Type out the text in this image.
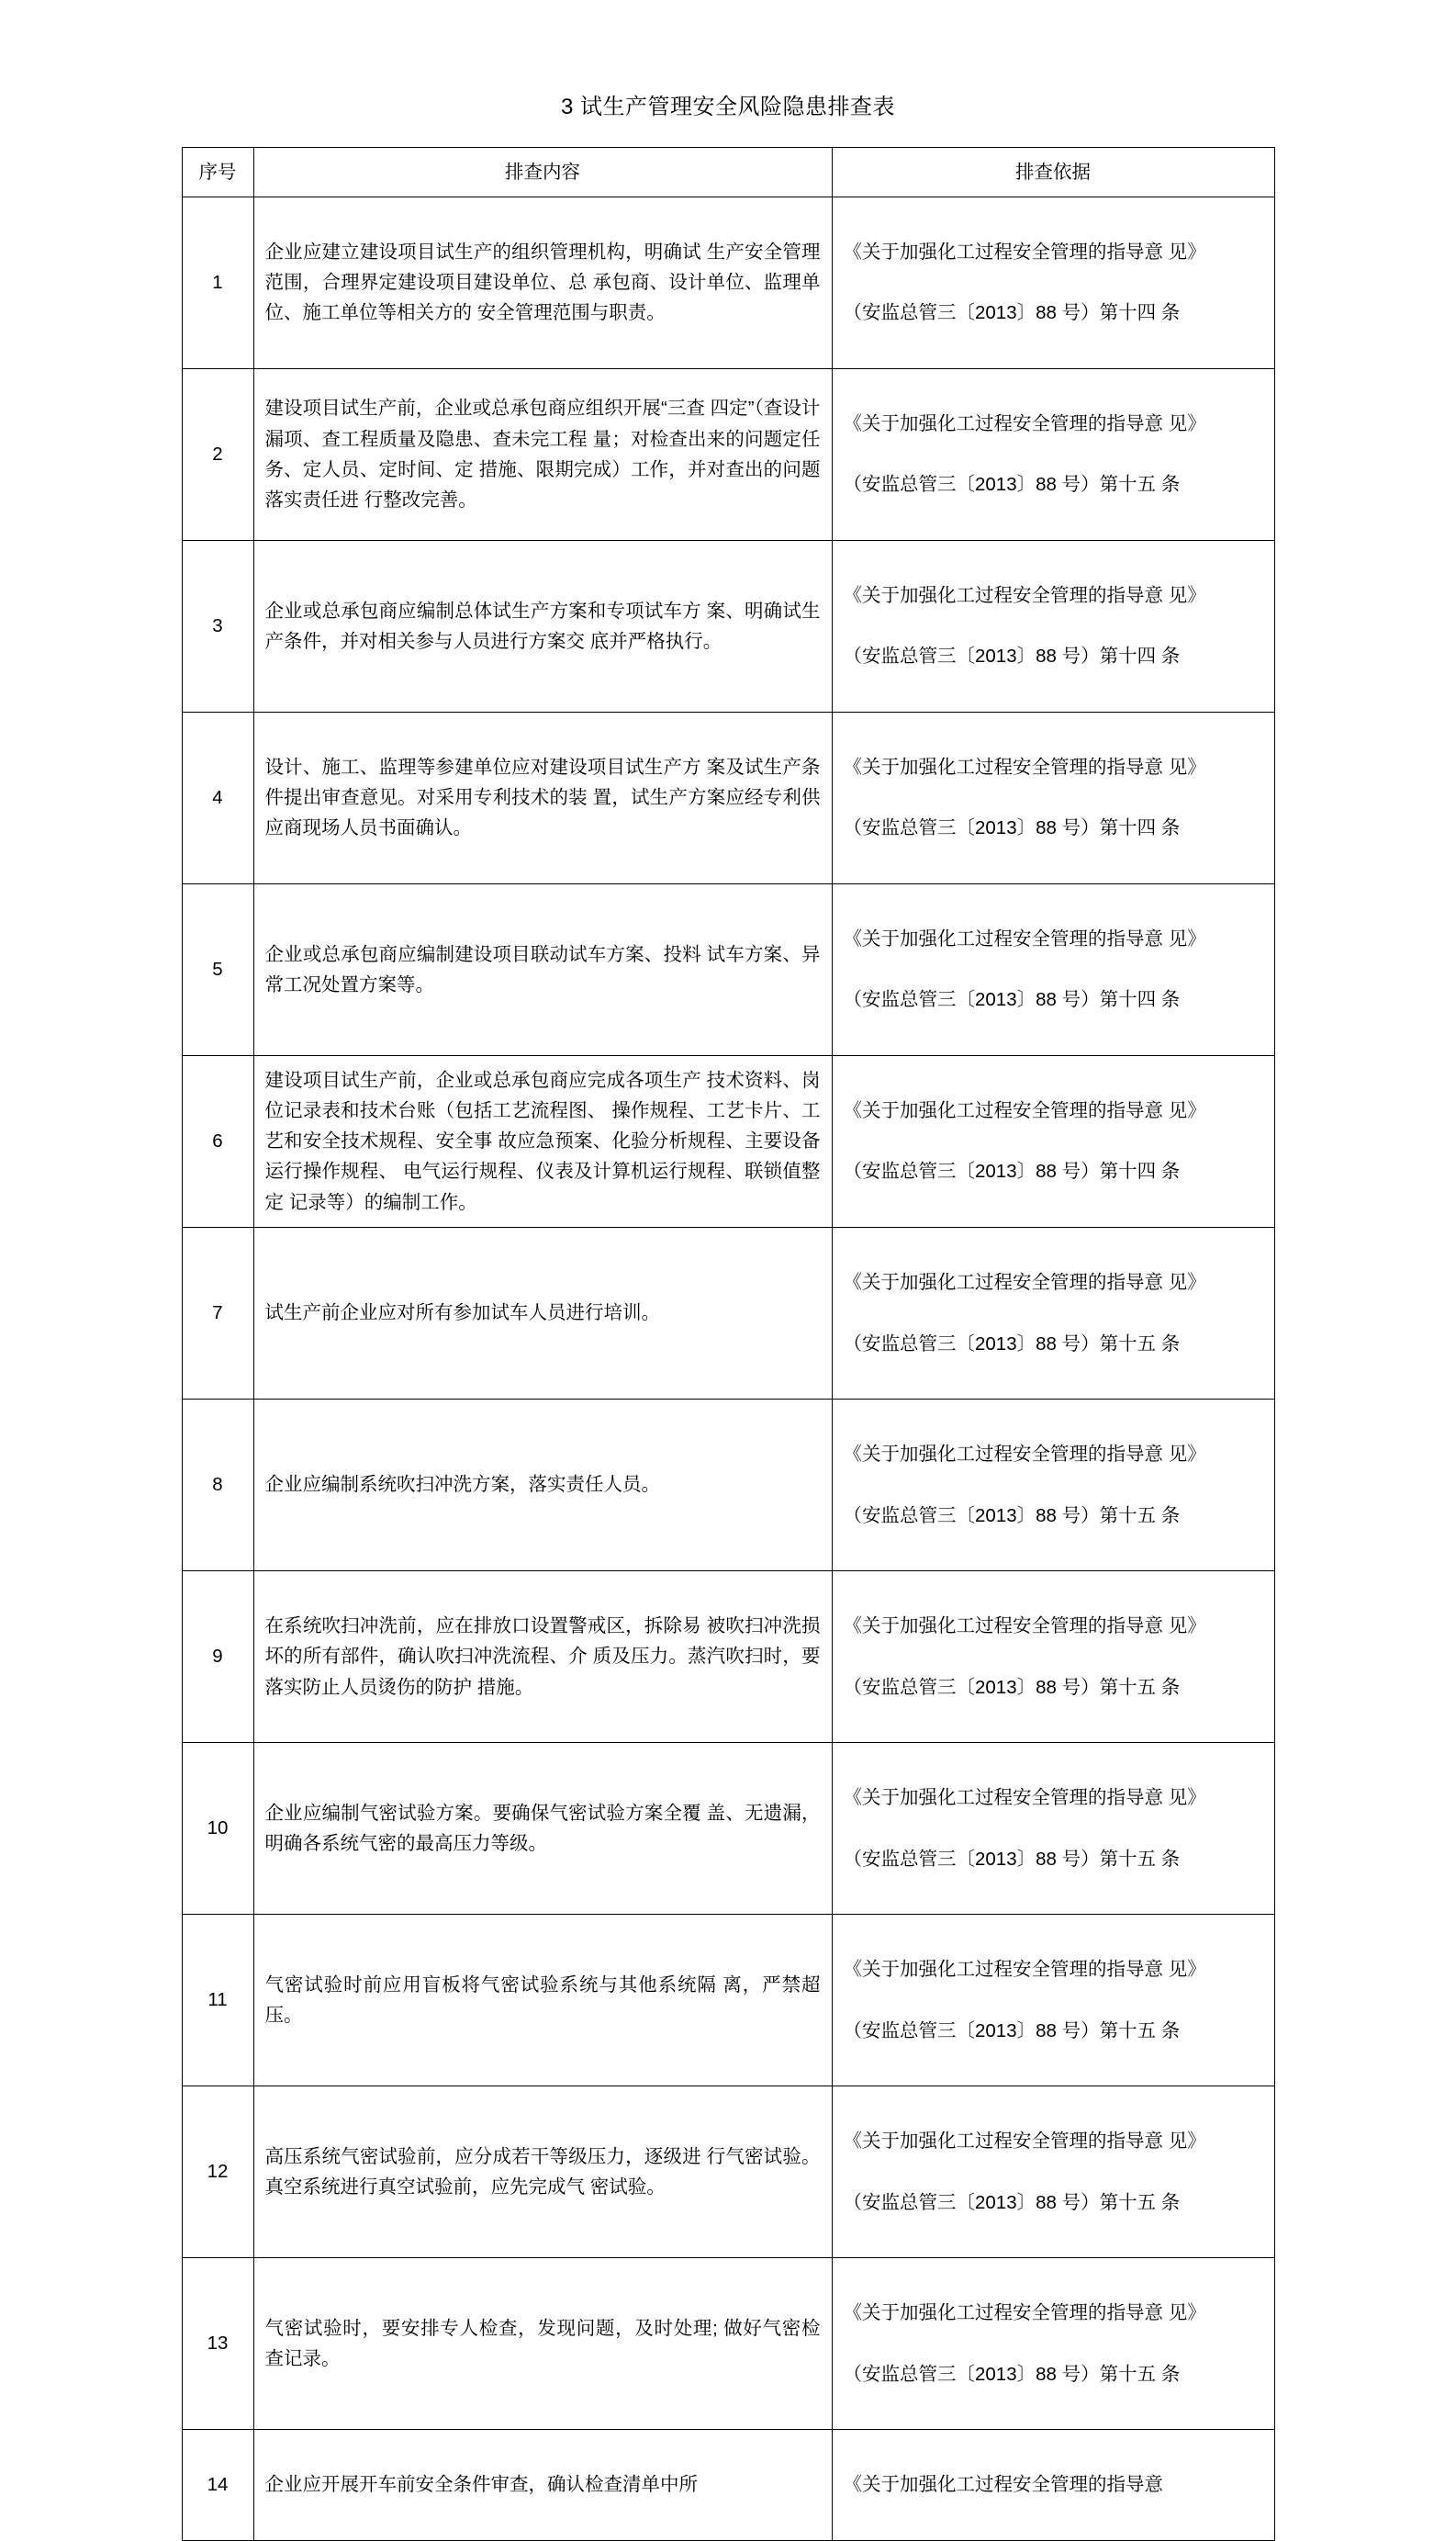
3 试生产管理安全风险隐患排查表
序号	排查内容	排查依据
1	企业应建立建设项目试生产的组织管理机构，明确试 生产安全管理范围，合理界定建设项目建设单位、总 承包商、设计单位、监理单位、施工单位等相关方的 安全管理范围与职责。	《关于加强化工过程安全管理的指导意 见》

（安监总管三〔2013〕88 号）第十四 条

2	建设项目试生产前，企业或总承包商应组织开展“三查 四定”（查设计漏项、查工程质量及隐患、查未完工程 量；对检查出来的问题定任务、定人员、定时间、定 措施、限期完成）工作，并对查出的问题落实责任进 行整改完善。	《关于加强化工过程安全管理的指导意 见》

（安监总管三〔2013〕88 号）第十五 条

3	企业或总承包商应编制总体试生产方案和专项试车方 案、明确试生产条件，并对相关参与人员进行方案交 底并严格执行。	《关于加强化工过程安全管理的指导意 见》

（安监总管三〔2013〕88 号）第十四 条

4	设计、施工、监理等参建单位应对建设项目试生产方 案及试生产条件提出审查意见。对采用专利技术的装 置，试生产方案应经专利供应商现场人员书面确认。	《关于加强化工过程安全管理的指导意 见》

（安监总管三〔2013〕88 号）第十四 条

5	企业或总承包商应编制建设项目联动试车方案、投料 试车方案、异常工况处置方案等。	《关于加强化工过程安全管理的指导意 见》

（安监总管三〔2013〕88 号）第十四 条

6	建设项目试生产前，企业或总承包商应完成各项生产 技术资料、岗位记录表和技术台账（包括工艺流程图、 操作规程、工艺卡片、工艺和安全技术规程、安全事 故应急预案、化验分析规程、主要设备运行操作规程、 电气运行规程、仪表及计算机运行规程、联锁值整定 记录等）的编制工作。	《关于加强化工过程安全管理的指导意 见》

（安监总管三〔2013〕88 号）第十四 条

7	试生产前企业应对所有参加试车人员进行培训。	《关于加强化工过程安全管理的指导意 见》

（安监总管三〔2013〕88 号）第十五 条

8	企业应编制系统吹扫冲洗方案，落实责任人员。	《关于加强化工过程安全管理的指导意 见》

（安监总管三〔2013〕88 号）第十五 条

9	在系统吹扫冲洗前，应在排放口设置警戒区，拆除易 被吹扫冲洗损坏的所有部件，确认吹扫冲洗流程、介 质及压力。蒸汽吹扫时，要落实防止人员烫伤的防护 措施。	《关于加强化工过程安全管理的指导意 见》

（安监总管三〔2013〕88 号）第十五 条

10	企业应编制气密试验方案。要确保气密试验方案全覆 盖、无遗漏，明确各系统气密的最高压力等级。	《关于加强化工过程安全管理的指导意 见》

（安监总管三〔2013〕88 号）第十五 条

11	气密试验时前应用盲板将气密试验系统与其他系统隔 离，严禁超压。	《关于加强化工过程安全管理的指导意 见》

（安监总管三〔2013〕88 号）第十五 条

12	高压系统气密试验前，应分成若干等级压力，逐级进 行气密试验。真空系统进行真空试验前，应先完成气 密试验。	《关于加强化工过程安全管理的指导意 见》

（安监总管三〔2013〕88 号）第十五 条

13	气密试验时，要安排专人检查，发现问题，及时处理; 做好气密检查记录。	《关于加强化工过程安全管理的指导意 见》

（安监总管三〔2013〕88 号）第十五 条

14	企业应开展开车前安全条件审查，确认检查清单中所	《关于加强化工过程安全管理的指导意
